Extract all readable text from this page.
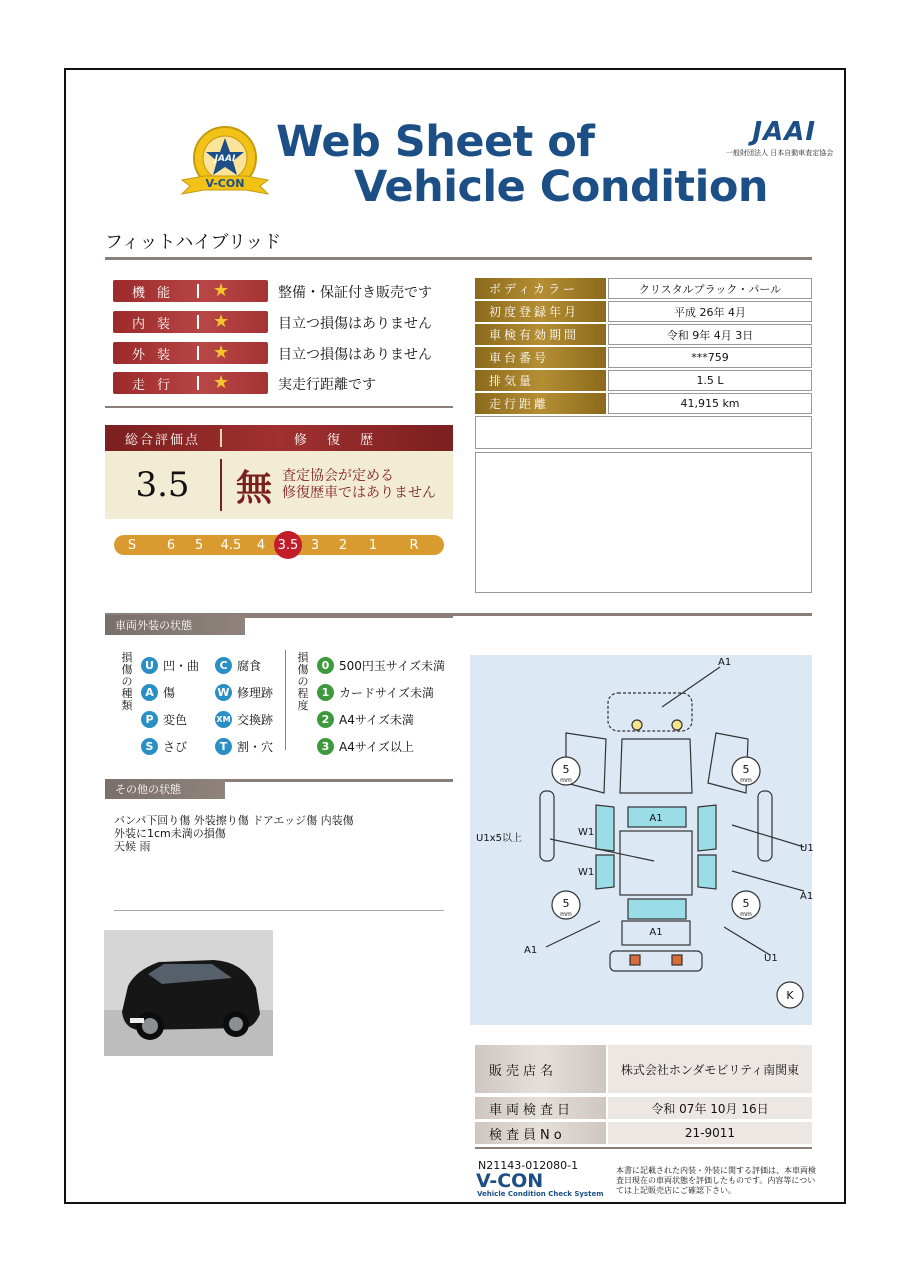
V-CON
JAAI Web Sheet of
Vehicle Condition
JAAI
一般財団法人 日本自動車査定協会
フィットハイブリッド
機能	★	整備・保証付き販売です
内装	★	目立つ損傷はありません
外装	★	目立つ損傷はありません
走行	★	実走行距離です
総合評価点	修 復 歴
3.5	無 査定協会が定める
修復歴車ではありません
S	6	5	4.5	4 3.5 3	2	1	R
ボディカラー	クリスタルブラック・パール
初度登録年月	平成 26年 4月
車検有効期間	令和 9年 4月 3日
車台番号	***759
排気量	1.5 L
走行距離	41,915 km
車両外装の状態
損傷の種類
U 凹・曲	C 腐食
A 傷	W 修理跡
P 変色	XM 交換跡
S さび	T 割・穴
損傷の程度
0 500円玉サイズ未満
1 カードサイズ未満
2 A4サイズ未満
3 A4サイズ以上
その他の状態
バンパ下回り傷 外装擦り傷 ドアエッジ傷 内装傷
外装に1cm未満の損傷
天候 雨
5
mm
5
mm
A1
W1
W1
A1
5
mm
5
mm
A1
U1x5以上
U1
A1
A1
U1
K
販売店名	株式会社ホンダモビリティ南関東
車両検査日	令和 07年 10月 16日
検査員No	21-9011
N21143-012080-1
V-CON
Vehicle Condition Check System
本書に記載された内装・外装に関する評価は、本車両検査日現在の車両状態を評価したものです。内容等については上記販売店にご確認下さい。
